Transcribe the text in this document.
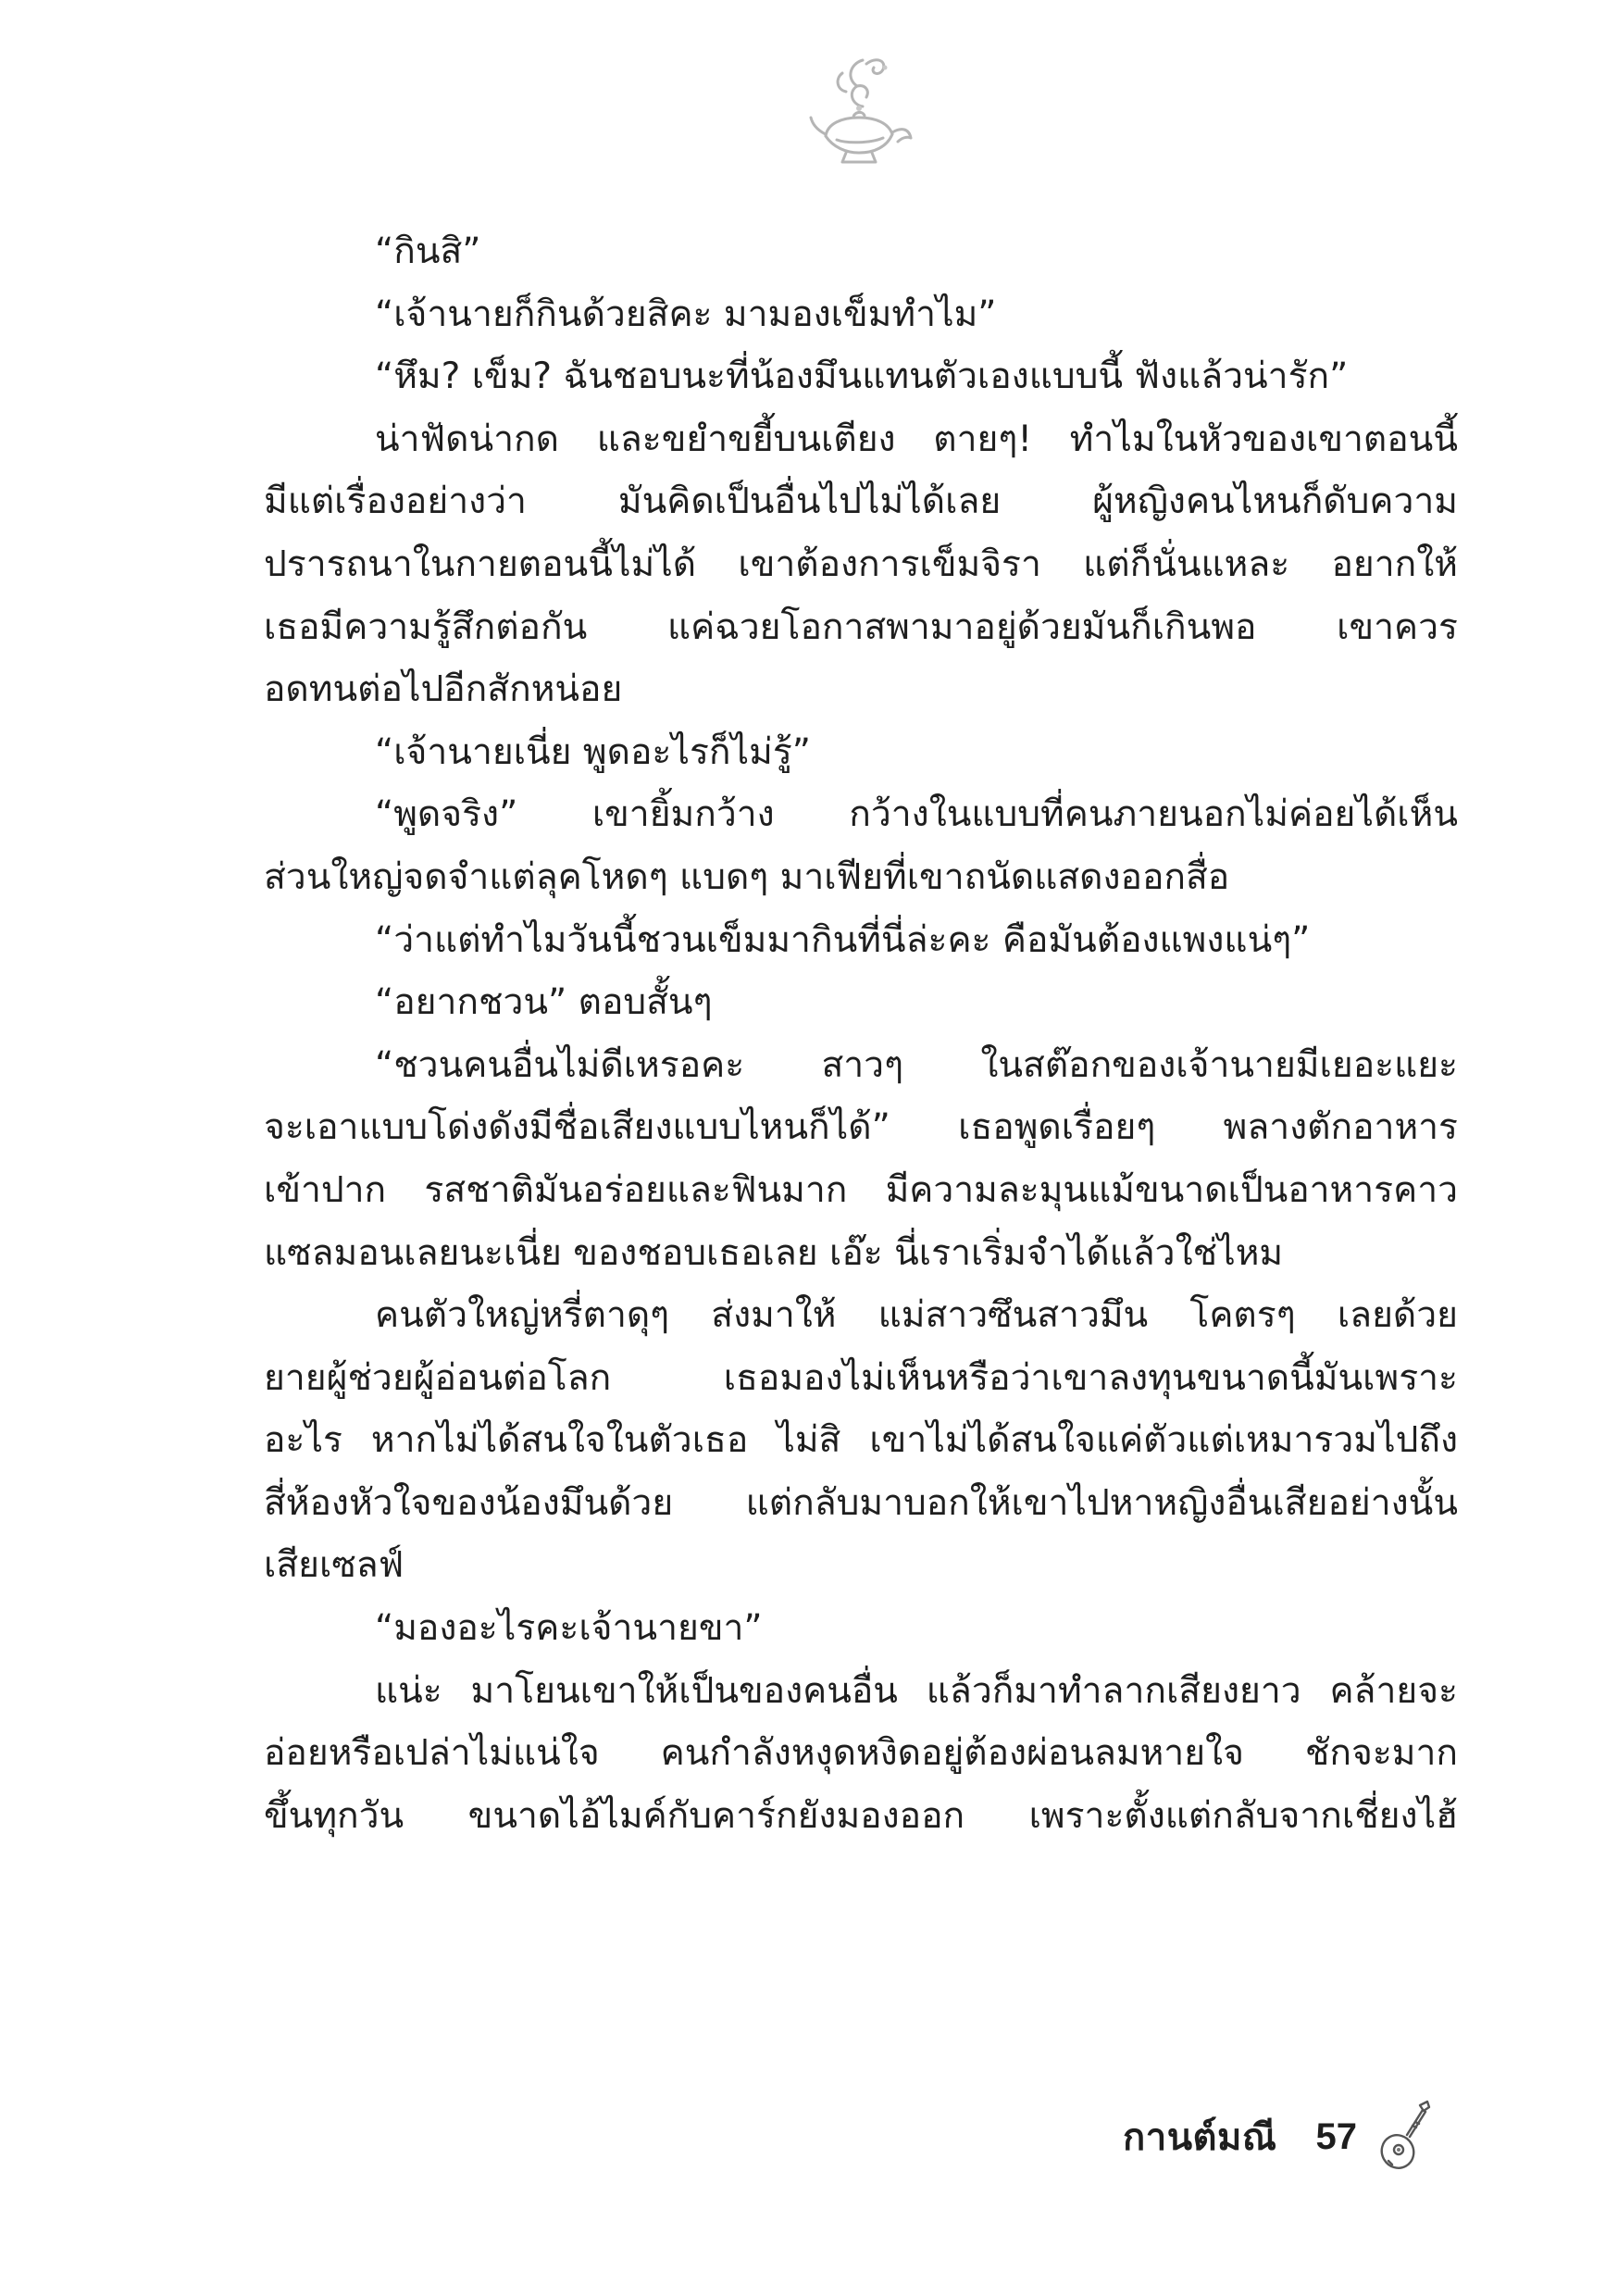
“กินสิ”

“เจ้านายก็กินด้วยสิคะ มามองเข็มทำไม”

“หึม? เข็ม? ฉันชอบนะที่น้องมึนแทนตัวเองแบบนี้ ฟังแล้วน่ารัก”

น่าฟัดน่ากด และขยำขยี้บนเตียง ตายๆ! ทำไมในหัวของเขาตอนนี้

มีแต่เรื่องอย่างว่า มันคิดเป็นอื่นไปไม่ได้เลย ผู้หญิงคนไหนก็ดับความ

ปรารถนาในกายตอนนี้ไม่ได้ เขาต้องการเข็มจิรา แต่ก็นั่นแหละ อยากให้

เธอมีความรู้สึกต่อกัน แค่ฉวยโอกาสพามาอยู่ด้วยมันก็เกินพอ เขาควร

อดทนต่อไปอีกสักหน่อย

“เจ้านายเนี่ย พูดอะไรก็ไม่รู้”

“พูดจริง” เขายิ้มกว้าง กว้างในแบบที่คนภายนอกไม่ค่อยได้เห็น

ส่วนใหญ่จดจำแต่ลุคโหดๆ แบดๆ มาเฟียที่เขาถนัดแสดงออกสื่อ

“ว่าแต่ทำไมวันนี้ชวนเข็มมากินที่นี่ล่ะคะ คือมันต้องแพงแน่ๆ”

“อยากชวน” ตอบสั้นๆ

“ชวนคนอื่นไม่ดีเหรอคะ สาวๆ ในสต๊อกของเจ้านายมีเยอะแยะ

จะเอาแบบโด่งดังมีชื่อเสียงแบบไหนก็ได้” เธอพูดเรื่อยๆ พลางตักอาหาร

เข้าปาก รสชาติมันอร่อยและฟินมาก มีความละมุนแม้ขนาดเป็นอาหารคาว

แซลมอนเลยนะเนี่ย ของชอบเธอเลย เอ๊ะ นี่เราเริ่มจำได้แล้วใช่ไหม

คนตัวใหญ่หรี่ตาดุๆ ส่งมาให้ แม่สาวซึนสาวมึน โคตรๆ เลยด้วย

ยายผู้ช่วยผู้อ่อนต่อโลก เธอมองไม่เห็นหรือว่าเขาลงทุนขนาดนี้มันเพราะ

อะไร หากไม่ได้สนใจในตัวเธอ ไม่สิ เขาไม่ได้สนใจแค่ตัวแต่เหมารวมไปถึง

สี่ห้องหัวใจของน้องมึนด้วย แต่กลับมาบอกให้เขาไปหาหญิงอื่นเสียอย่างนั้น

เสียเซลฟ์

“มองอะไรคะเจ้านายขา”

แน่ะ มาโยนเขาให้เป็นของคนอื่น แล้วก็มาทำลากเสียงยาว คล้ายจะ

อ่อยหรือเปล่าไม่แน่ใจ คนกำลังหงุดหงิดอยู่ต้องผ่อนลมหายใจ ชักจะมาก

ขึ้นทุกวัน ขนาดไอ้ไมค์กับคาร์กยังมองออก เพราะตั้งแต่กลับจากเชี่ยงไฮ้

กานต์มณี 57
